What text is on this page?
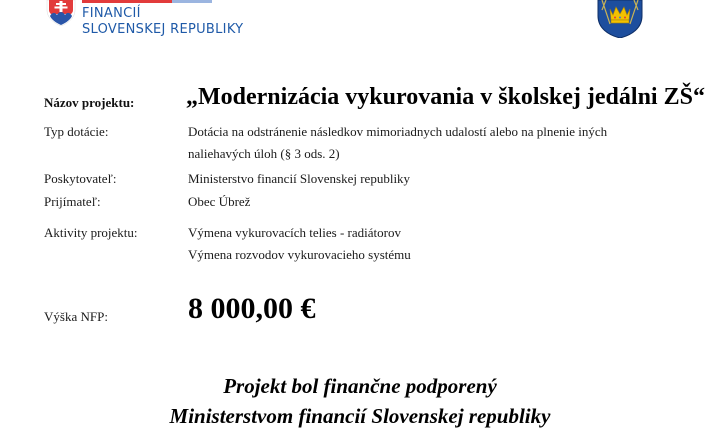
FINANCIÍ
SLOVENSKEJ REPUBLIKY
Názov projektu: „Modernizácia vykurovania v školskej jedálni ZŠ“
Typ dotácie:	Dotácia na odstránenie následkov mimoriadnych udalostí alebo na plnenie iných
naliehavých úloh (§ 3 ods. 2)
Poskytovateľ:	Ministerstvo financií Slovenskej republiky
Prijímateľ:	Obec Úbrež
Aktivity projektu:	Výmena vykurovacích telies - radiátorov
Výmena rozvodov vykurovacieho systému
Výška NFP:	8 000,00 €
Projekt bol finančne podporený
Ministerstvom financií Slovenskej republiky
